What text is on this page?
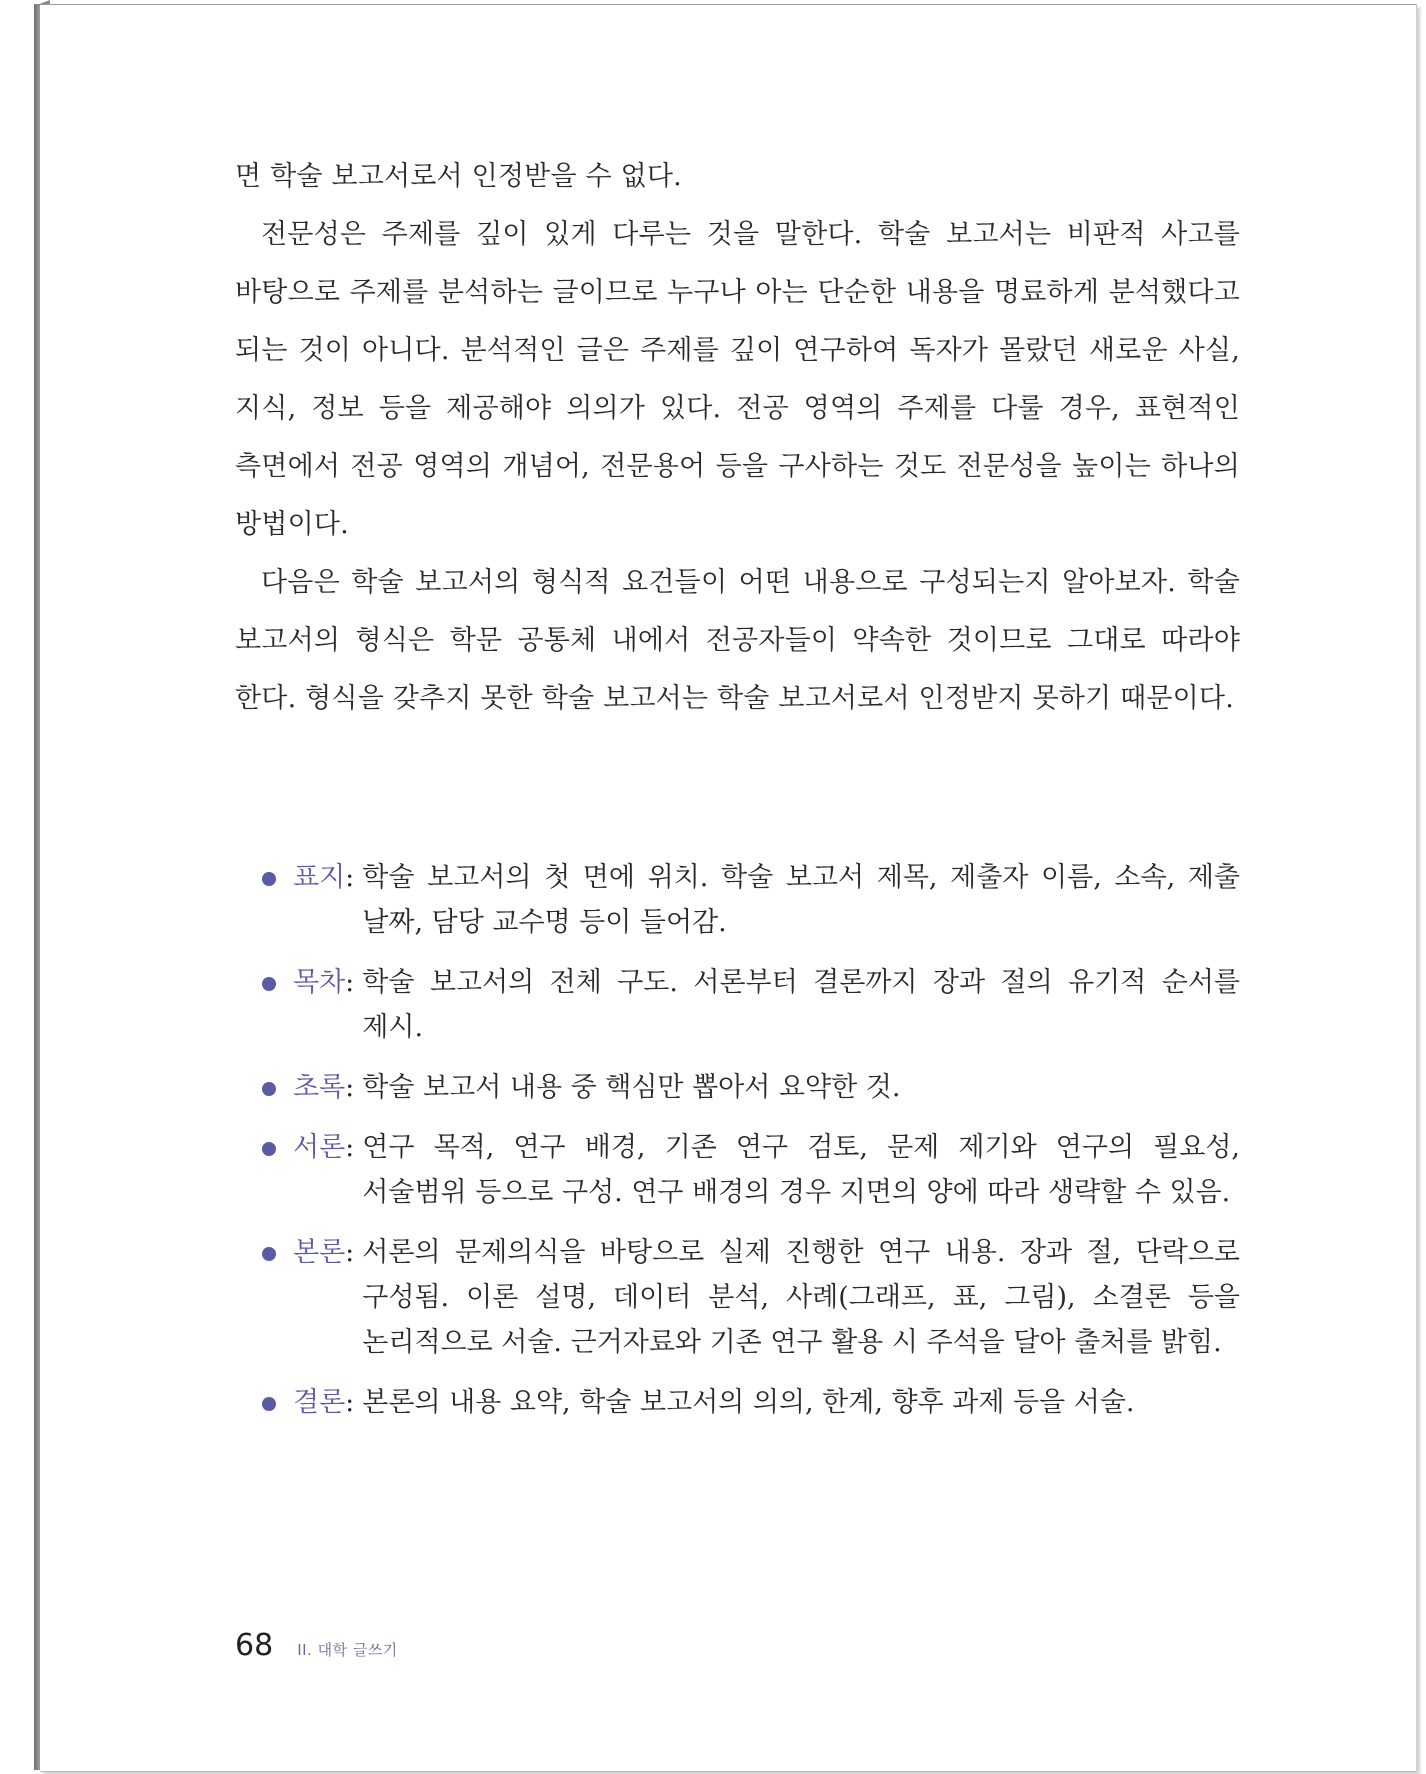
면 학술 보고서로서 인정받을 수 없다.

전문성은 주제를 깊이 있게 다루는 것을 말한다. 학술 보고서는 비판적 사고를 바탕으로 주제를 분석하는 글이므로 누구나 아는 단순한 내용을 명료하게 분석했다고 되는 것이 아니다. 분석적인 글은 주제를 깊이 연구하여 독자가 몰랐던 새로운 사실, 지식, 정보 등을 제공해야 의의가 있다. 전공 영역의 주제를 다룰 경우, 표현적인 측면에서 전공 영역의 개념어, 전문용어 등을 구사하는 것도 전문성을 높이는 하나의 방법이다.

다음은 학술 보고서의 형식적 요건들이 어떤 내용으로 구성되는지 알아보자. 학술 보고서의 형식은 학문 공통체 내에서 전공자들이 약속한 것이므로 그대로 따라야 한다. 형식을 갖추지 못한 학술 보고서는 학술 보고서로서 인정받지 못하기 때문이다.

표지: 학술 보고서의 첫 면에 위치. 학술 보고서 제목, 제출자 이름, 소속, 제출 날짜, 담당 교수명 등이 들어감.
목차: 학술 보고서의 전체 구도. 서론부터 결론까지 장과 절의 유기적 순서를 제시.
초록: 학술 보고서 내용 중 핵심만 뽑아서 요약한 것.
서론: 연구 목적, 연구 배경, 기존 연구 검토, 문제 제기와 연구의 필요성, 서술범위 등으로 구성. 연구 배경의 경우 지면의 양에 따라 생략할 수 있음.
본론: 서론의 문제의식을 바탕으로 실제 진행한 연구 내용. 장과 절, 단락으로 구성됨. 이론 설명, 데이터 분석, 사례(그래프, 표, 그림), 소결론 등을 논리적으로 서술. 근거자료와 기존 연구 활용 시 주석을 달아 출처를 밝힘.
결론: 본론의 내용 요약, 학술 보고서의 의의, 한계, 향후 과제 등을 서술.
68 II. 대학 글쓰기
